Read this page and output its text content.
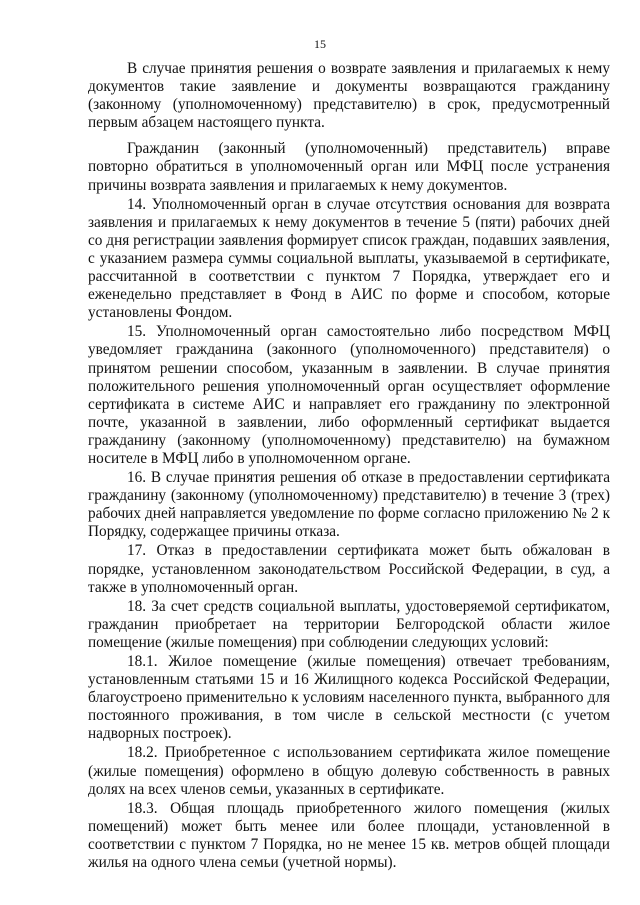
15

В случае принятия решения о возврате заявления и прилагаемых к нему документов такие заявление и документы возвращаются гражданину (законному (уполномоченному) представителю) в срок, предусмотренный первым абзацем настоящего пункта.

Гражданин (законный (уполномоченный) представитель) вправе повторно обратиться в уполномоченный орган или МФЦ после устранения причины возврата заявления и прилагаемых к нему документов.

14. Уполномоченный орган в случае отсутствия основания для возврата заявления и прилагаемых к нему документов в течение 5 (пяти) рабочих дней со дня регистрации заявления формирует список граждан, подавших заявления, с указанием размера суммы социальной выплаты, указываемой в сертификате, рассчитанной в соответствии с пунктом 7 Порядка, утверждает его и еженедельно представляет в Фонд в АИС по форме и способом, которые установлены Фондом.

15. Уполномоченный орган самостоятельно либо посредством МФЦ уведомляет гражданина (законного (уполномоченного) представителя) о принятом решении способом, указанным в заявлении. В случае принятия положительного решения уполномоченный орган осуществляет оформление сертификата в системе АИС и направляет его гражданину по электронной почте, указанной в заявлении, либо оформленный сертификат выдается гражданину (законному (уполномоченному) представителю) на бумажном носителе в МФЦ либо в уполномоченном органе.

16. В случае принятия решения об отказе в предоставлении сертификата гражданину (законному (уполномоченному) представителю) в течение 3 (трех) рабочих дней направляется уведомление по форме согласно приложению № 2 к Порядку, содержащее причины отказа.

17. Отказ в предоставлении сертификата может быть обжалован в порядке, установленном законодательством Российской Федерации, в суд, а также в уполномоченный орган.

18. За счет средств социальной выплаты, удостоверяемой сертификатом, гражданин приобретает на территории Белгородской области жилое помещение (жилые помещения) при соблюдении следующих условий:

18.1. Жилое помещение (жилые помещения) отвечает требованиям, установленным статьями 15 и 16 Жилищного кодекса Российской Федерации, благоустроено применительно к условиям населенного пункта, выбранного для постоянного проживания, в том числе в сельской местности (с учетом надворных построек).

18.2. Приобретенное с использованием сертификата жилое помещение (жилые помещения) оформлено в общую долевую собственность в равных долях на всех членов семьи, указанных в сертификате.

18.3. Общая площадь приобретенного жилого помещения (жилых помещений) может быть менее или более площади, установленной в соответствии с пунктом 7 Порядка, но не менее 15 кв. метров общей площади жилья на одного члена семьи (учетной нормы).
